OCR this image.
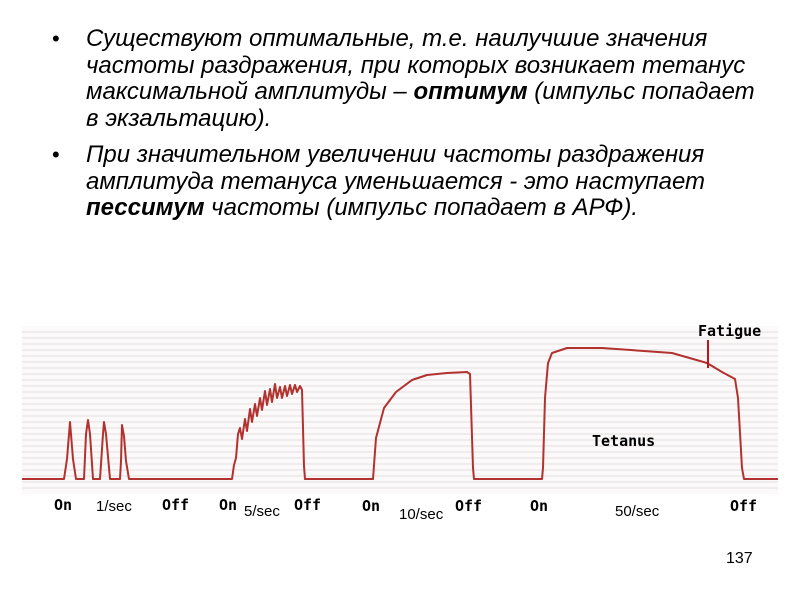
• Существуют оптимальные, т.е. наилучшие значения частоты раздражения, при которых возникает тетанус максимальной амплитуды – оптимум (импульс попадает в экзальтацию).
• При значительном увеличении частоты раздражения амплитуда тетануса уменьшается - это наступает пессимум частоты (импульс попадает в АРФ).
Fatigue
Tetanus
On 1/sec Off On 5/sec Off	On 10/sec Off	On	50/sec	Off
137
